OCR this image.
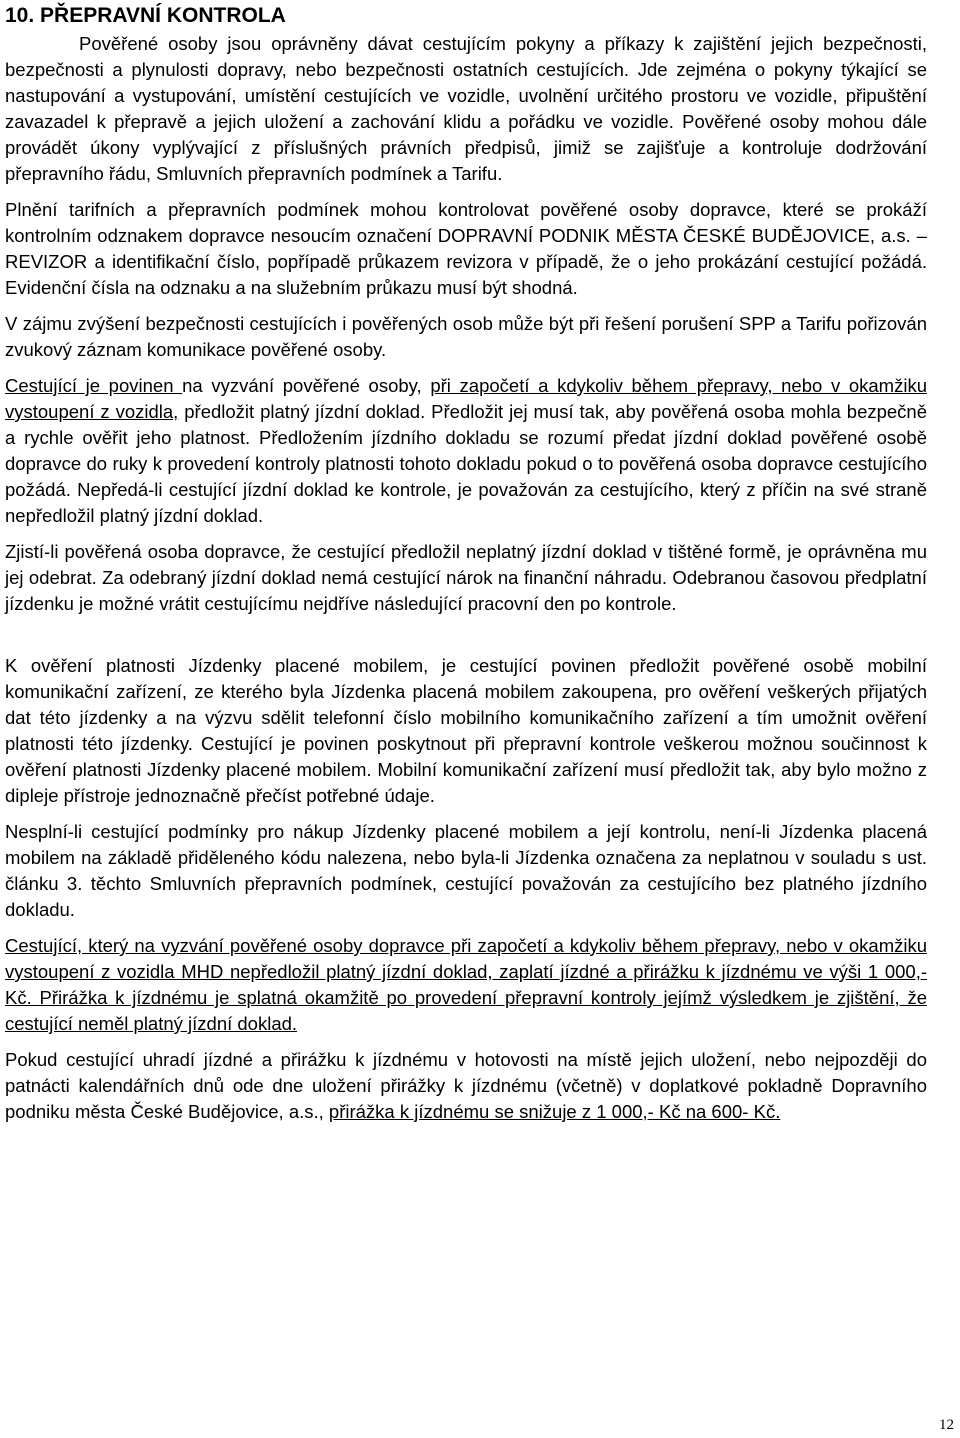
10. PŘEPRAVNÍ KONTROLA

Pověřené osoby jsou oprávněny dávat cestujícím pokyny a příkazy k zajištění jejich bezpečnosti, bezpečnosti a plynulosti dopravy, nebo bezpečnosti ostatních cestujících. Jde zejména o pokyny týkající se nastupování a vystupování, umístění cestujících ve vozidle, uvolnění určitého prostoru ve vozidle, připuštění zavazadel k přepravě a jejich uložení a zachování klidu a pořádku ve vozidle. Pověřené osoby mohou dále provádět úkony vyplývající z příslušných právních předpisů, jimiž se zajišťuje a kontroluje dodržování přepravního řádu, Smluvních přepravních podmínek a Tarifu.

Plnění tarifních a přepravních podmínek mohou kontrolovat pověřené osoby dopravce, které se prokáží kontrolním odznakem dopravce nesoucím označení DOPRAVNÍ PODNIK MĚSTA ČESKÉ BUDĚJOVICE, a.s. – REVIZOR a identifikační číslo, popřípadě průkazem revizora v případě, že o jeho prokázání cestující požádá. Evidenční čísla na odznaku a na služebním průkazu musí být shodná.

V zájmu zvýšení bezpečnosti cestujících i pověřených osob může být při řešení porušení SPP a Tarifu pořizován zvukový záznam komunikace pověřené osoby.

Cestující je povinen na vyzvání pověřené osoby, při započetí a kdykoliv během přepravy, nebo v okamžiku vystoupení z vozidla, předložit platný jízdní doklad. Předložit jej musí tak, aby pověřená osoba mohla bezpečně a rychle ověřit jeho platnost. Předložením jízdního dokladu se rozumí předat jízdní doklad pověřené osobě dopravce do ruky k provedení kontroly platnosti tohoto dokladu pokud o to pověřená osoba dopravce cestujícího požádá. Nepředá-li cestující jízdní doklad ke kontrole, je považován za cestujícího, který z příčin na své straně nepředložil platný jízdní doklad.

Zjistí-li pověřená osoba dopravce, že cestující předložil neplatný jízdní doklad v tištěné formě, je oprávněna mu jej odebrat. Za odebraný jízdní doklad nemá cestující nárok na finanční náhradu. Odebranou časovou předplatní jízdenku je možné vrátit cestujícímu nejdříve následující pracovní den po kontrole.

K ověření platnosti Jízdenky placené mobilem, je cestující povinen předložit pověřené osobě mobilní komunikační zařízení, ze kterého byla Jízdenka placená mobilem zakoupena, pro ověření veškerých přijatých dat této jízdenky a na výzvu sdělit telefonní číslo mobilního komunikačního zařízení a tím umožnit ověření platnosti této jízdenky. Cestující je povinen poskytnout při přepravní kontrole veškerou možnou součinnost k ověření platnosti Jízdenky placené mobilem. Mobilní komunikační zařízení musí předložit tak, aby bylo možno z dipleje přístroje jednoznačně přečíst potřebné údaje.

Nesplní-li cestující podmínky pro nákup Jízdenky placené mobilem a její kontrolu, není-li Jízdenka placená mobilem na základě přiděleného kódu nalezena, nebo byla-li Jízdenka označena za neplatnou v souladu s ust. článku 3. těchto Smluvních přepravních podmínek, cestující považován za cestujícího bez platného jízdního dokladu.

Cestující, který na vyzvání pověřené osoby dopravce při započetí a kdykoliv během přepravy, nebo v okamžiku vystoupení z vozidla MHD nepředložil platný jízdní doklad, zaplatí jízdné a přirážku k jízdnému ve výši 1 000,- Kč. Přirážka k jízdnému je splatná okamžitě po provedení přepravní kontroly jejímž výsledkem je zjištění, že cestující neměl platný jízdní doklad.

Pokud cestující uhradí jízdné a přirážku k jízdnému v hotovosti na místě jejich uložení, nebo nejpozději do patnácti kalendářních dnů ode dne uložení přirážky k jízdnému (včetně) v doplatkové pokladně Dopravního podniku města České Budějovice, a.s., přirážka k jízdnému se snižuje z 1 000,- Kč na 600- Kč.

12
